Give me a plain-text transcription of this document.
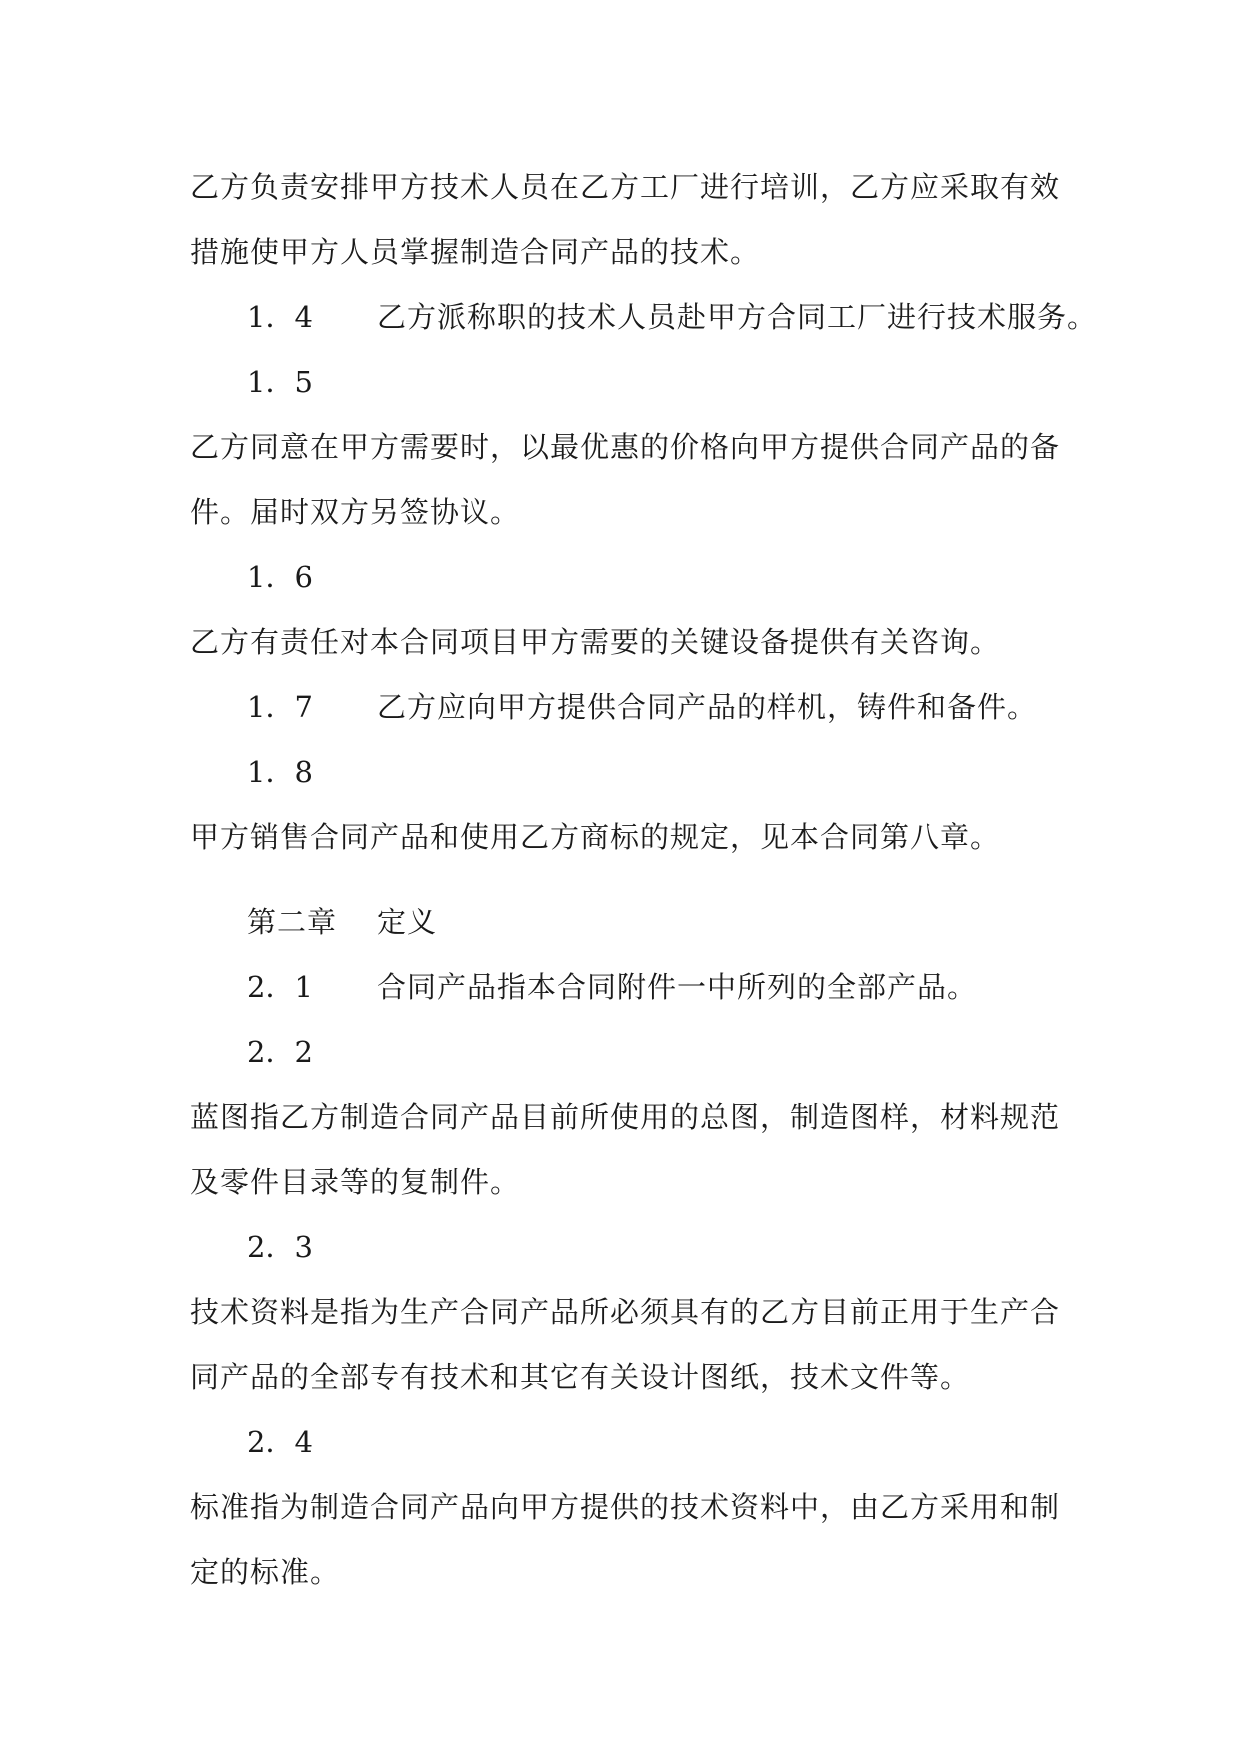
乙方负责安排甲方技术人员在乙方工厂进行培训，乙方应采取有效
措施使甲方人员掌握制造合同产品的技术。
1．4 乙方派称职的技术人员赴甲方合同工厂进行技术服务。
1．5
乙方同意在甲方需要时，以最优惠的价格向甲方提供合同产品的备
件。届时双方另签协议。
1．6
乙方有责任对本合同项目甲方需要的关键设备提供有关咨询。
1．7 乙方应向甲方提供合同产品的样机，铸件和备件。
1．8
甲方销售合同产品和使用乙方商标的规定，见本合同第八章。
第二章 定义
2．1 合同产品指本合同附件一中所列的全部产品。
2．2
蓝图指乙方制造合同产品目前所使用的总图，制造图样，材料规范
及零件目录等的复制件。
2．3
技术资料是指为生产合同产品所必须具有的乙方目前正用于生产合
同产品的全部专有技术和其它有关设计图纸，技术文件等。
2．4
标准指为制造合同产品向甲方提供的技术资料中，由乙方采用和制
定的标准。
